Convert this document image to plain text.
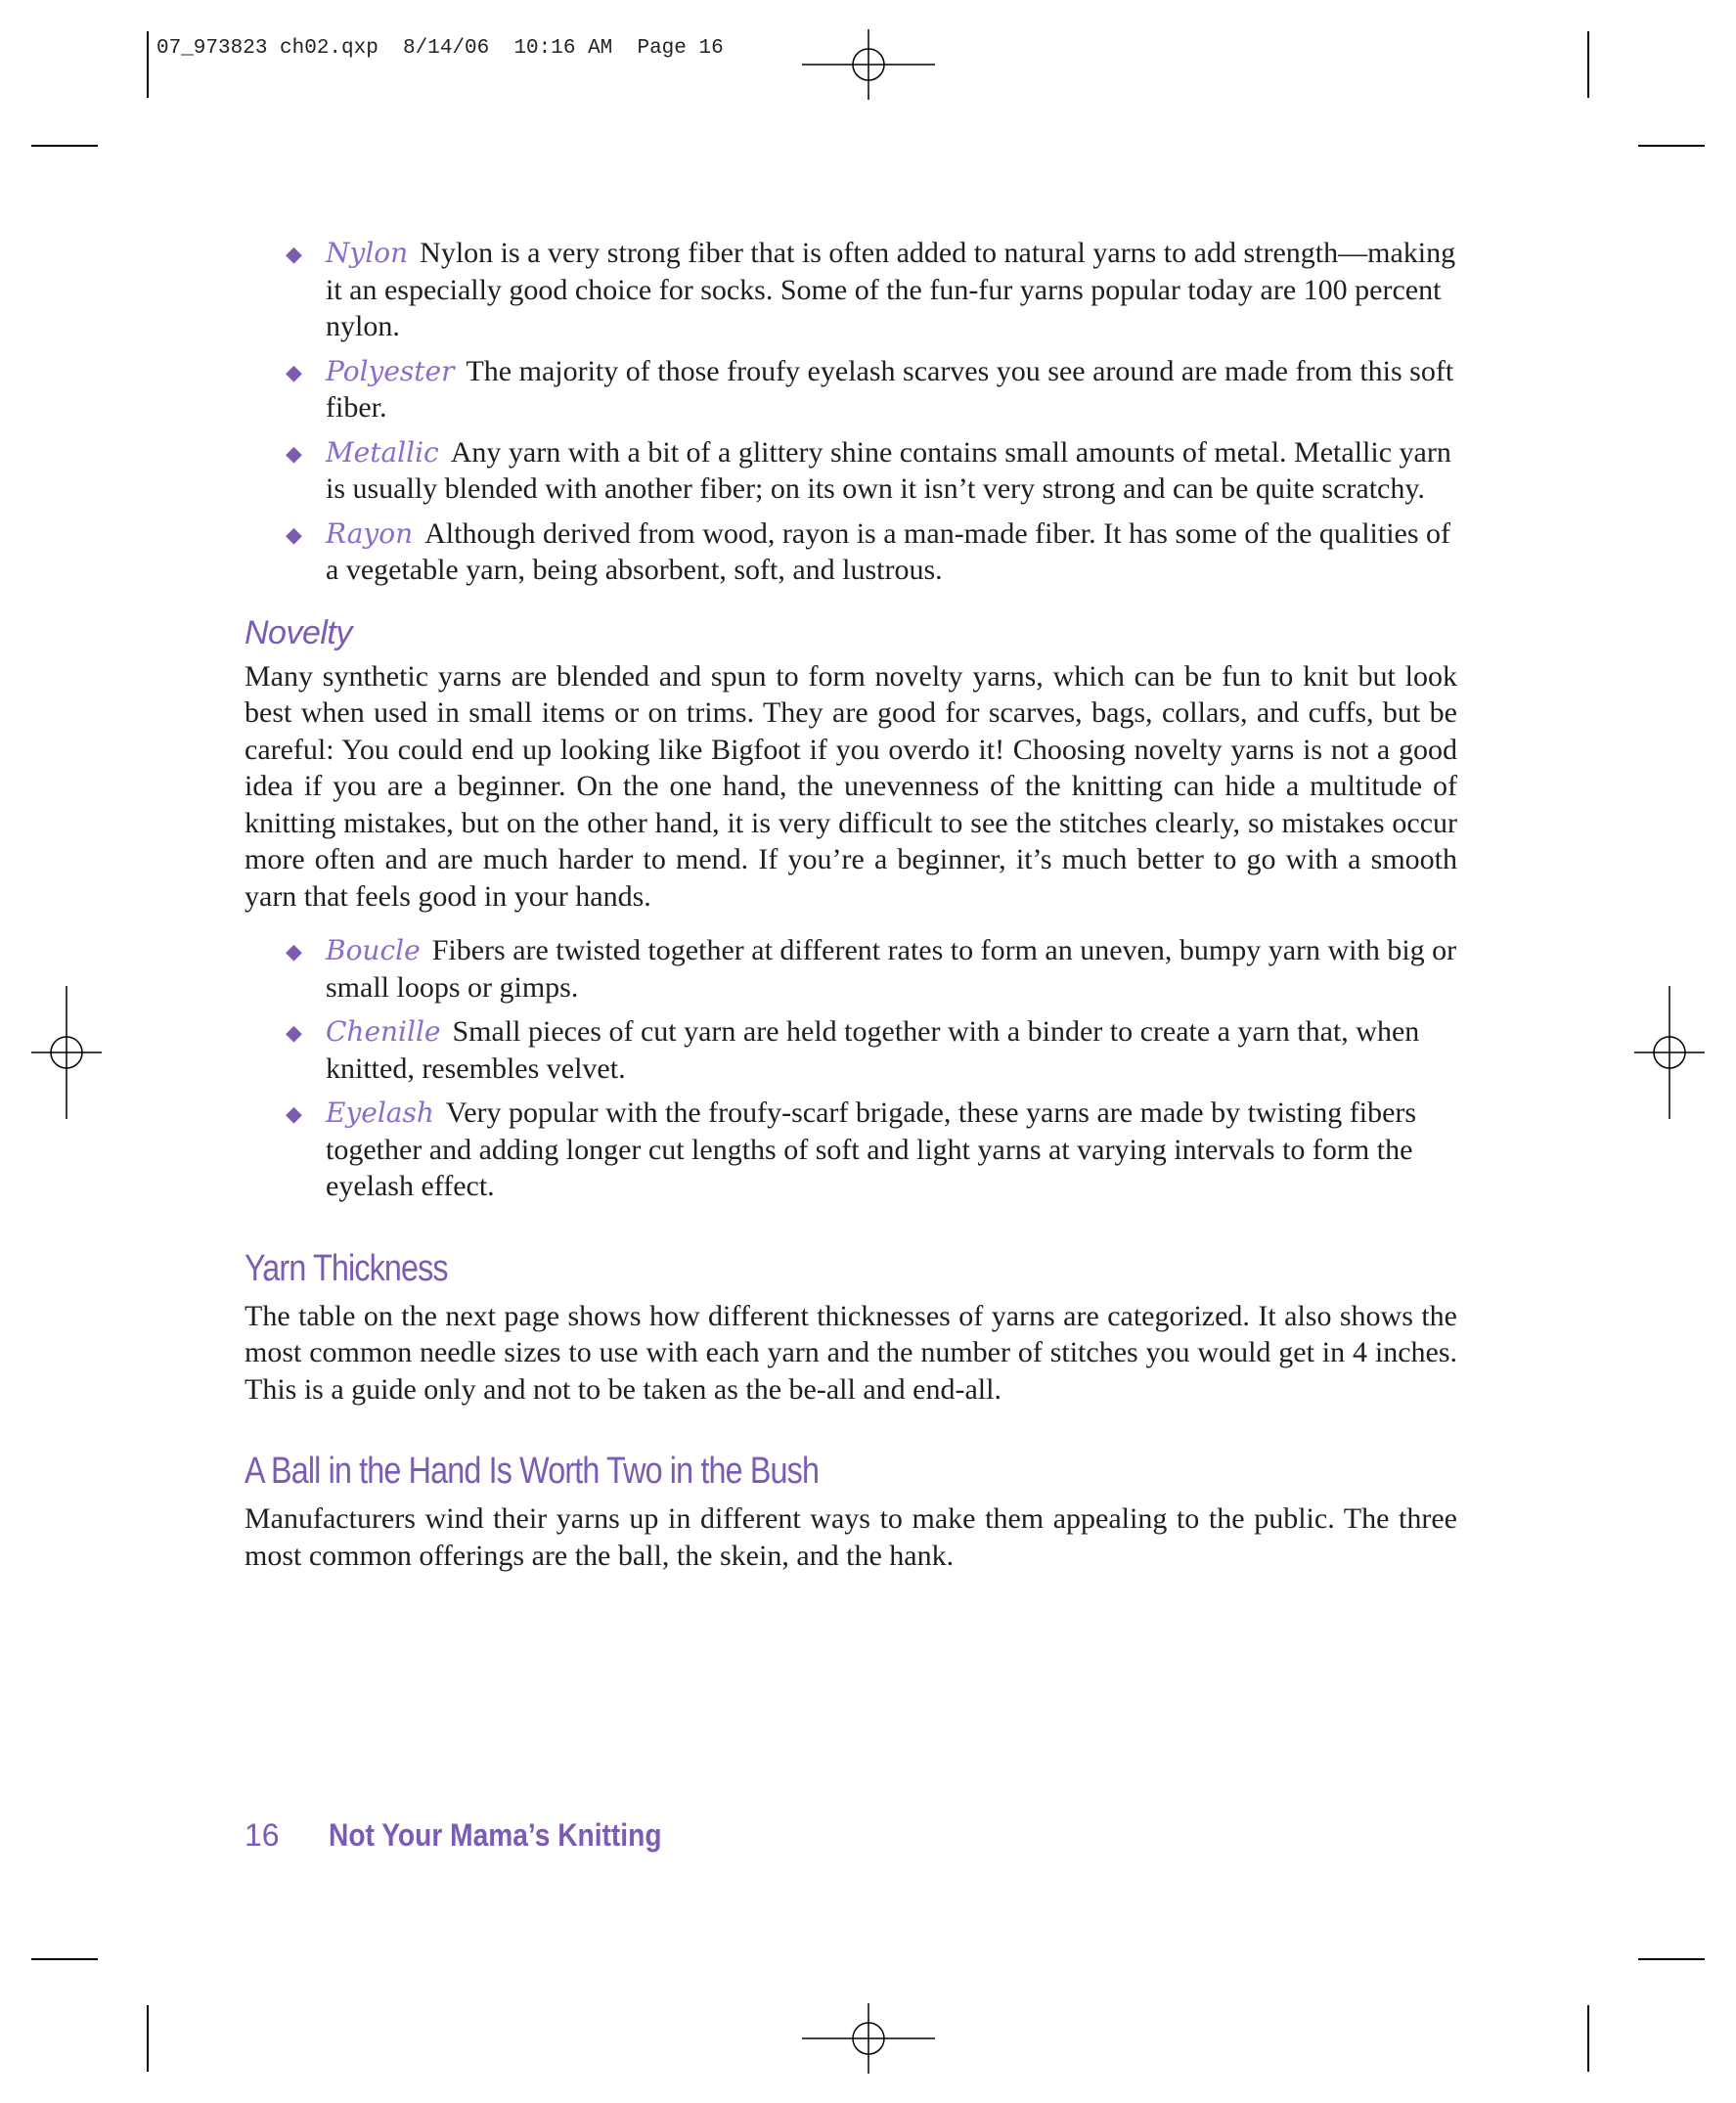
07_973823 ch02.qxp  8/14/06  10:16 AM  Page 16
◆ Nylon Nylon is a very strong fiber that is often added to natural yarns to add strength—making it an especially good choice for socks. Some of the fun-fur yarns popular today are 100 percent nylon.
◆ Polyester The majority of those froufy eyelash scarves you see around are made from this soft fiber.
◆ Metallic Any yarn with a bit of a glittery shine contains small amounts of metal. Metallic yarn is usually blended with another fiber; on its own it isn’t very strong and can be quite scratchy.
◆ Rayon Although derived from wood, rayon is a man-made fiber. It has some of the qualities of a vegetable yarn, being absorbent, soft, and lustrous.
Novelty

Many synthetic yarns are blended and spun to form novelty yarns, which can be fun to knit but look best when used in small items or on trims. They are good for scarves, bags, collars, and cuffs, but be careful: You could end up looking like Bigfoot if you overdo it! Choosing novelty yarns is not a good idea if you are a beginner. On the one hand, the unevenness of the knitting can hide a multitude of knitting mistakes, but on the other hand, it is very difficult to see the stitches clearly, so mistakes occur more often and are much harder to mend. If you’re a beginner, it’s much better to go with a smooth yarn that feels good in your hands.

◆ Boucle Fibers are twisted together at different rates to form an uneven, bumpy yarn with big or small loops or gimps.
◆ Chenille Small pieces of cut yarn are held together with a binder to create a yarn that, when knitted, resembles velvet.
◆ Eyelash Very popular with the froufy-scarf brigade, these yarns are made by twisting fibers together and adding longer cut lengths of soft and light yarns at varying intervals to form the eyelash effect.
Yarn Thickness

The table on the next page shows how different thicknesses of yarns are categorized. It also shows the most common needle sizes to use with each yarn and the number of stitches you would get in 4 inches. This is a guide only and not to be taken as the be-all and end-all.

A Ball in the Hand Is Worth Two in the Bush

Manufacturers wind their yarns up in different ways to make them appealing to the public. The three most common offerings are the ball, the skein, and the hank.

16 Not Your Mama’s Knitting
